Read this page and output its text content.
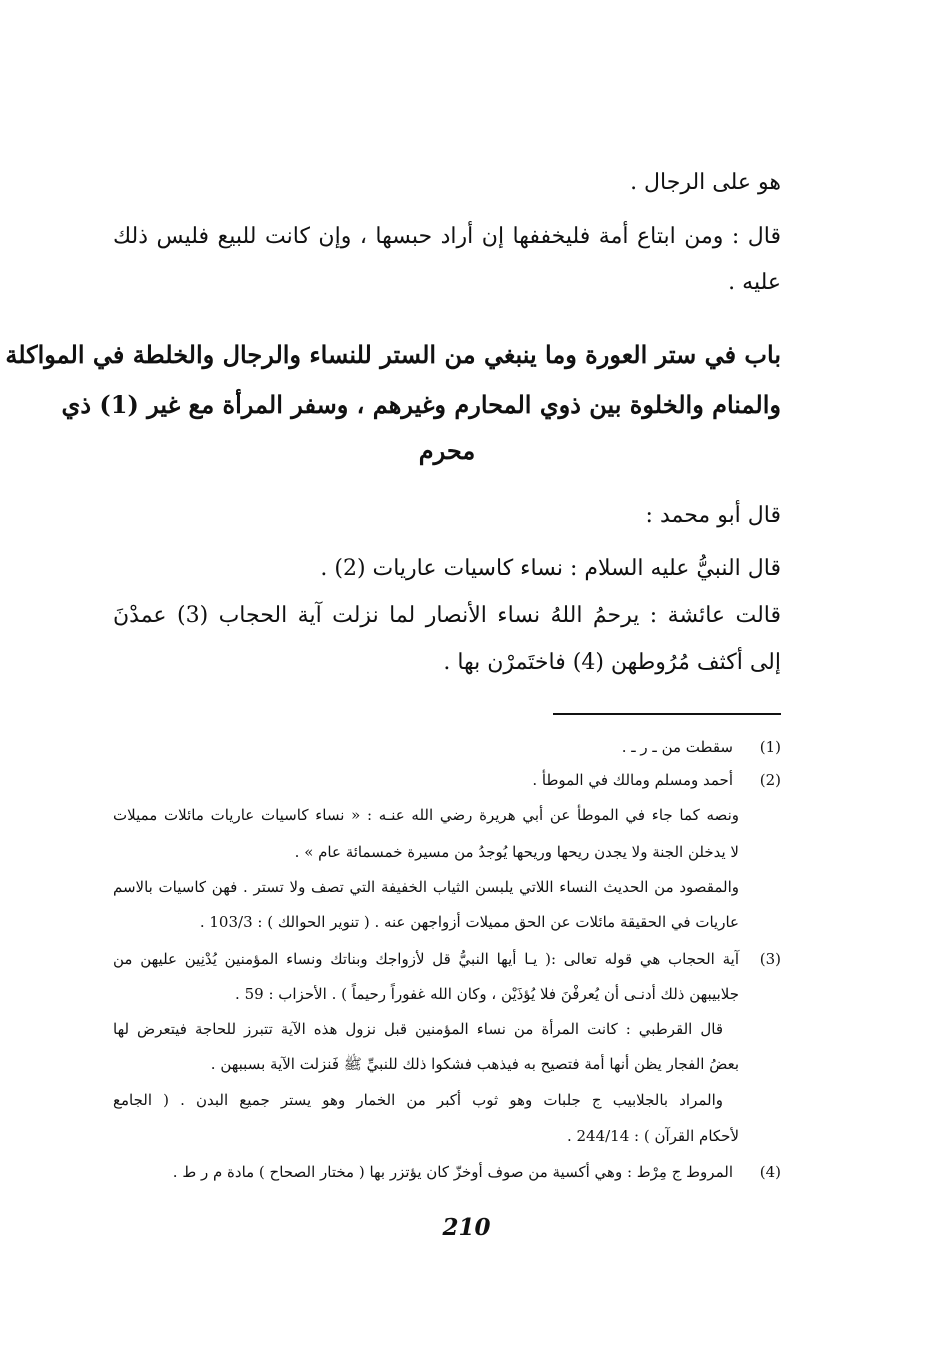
هو على الرجال .
قال : ومن ابتاع أمة فليخففها إن أراد حبسها ، وإن كانت للبيع فليس ذلك
عليه .
باب في ستر العورة وما ينبغي من الستر للنساء والرجال والخلطة في المواكلة
والمنام والخلوة بين ذوي المحارم وغيرهم ، وسفر المرأة مع غير (1) ذي
محرم
قال أبو محمد :
قال النبيُّ عليه السلام : نساء كاسيات عاريات (2) .
قالت عائشة : يرحمُ اللهُ نساء الأنصار لما نزلت آية الحجاب (3) عمدْنَ
إلى أكثف مُرُوطهن (4) فاختَمرْن بها .
(1)
سقطت من ـ ر ـ .
(2)
أحمد ومسلم ومالك في الموطأ .
ونصه كما جاء في الموطأ عن أبي هريرة رضي الله عنـه : « نساء كاسيات عاريات مائلات مميلات
لا يدخلن الجنة ولا يجدن ريحها وريحها يُوجدُ من مسيرة خمسمائة عام » .
والمقصود من الحديث النساء اللاتي يلبسن الثياب الخفيفة التي تصف ولا تستر . فهن كاسيات بالاسم
عاريات في الحقيقة مائلات عن الحق مميلات أزواجهن عنه . ( تنوير الحوالك ) : 103/3 .
(3)
آية الحجاب هي قوله تعالى :( يـا أيها النبيُّ قل لأزواجك وبناتك ونساء المؤمنين يُدْنِين عليهن من
جلابيبهن ذلك أدنـى أن يُعرفْنَ فلا يُؤذَيْن ، وكان الله غفوراً رحيماً ) . الأحزاب : 59 .
قال القرطبي : كانت المرأة من نساء المؤمنين قبل نزول هذه الآية تتبرز للحاجة فيتعرض لها
بعضُ الفجار يظن أنها أمة فتصيح به فيذهب فشكوا ذلك للنبيِّ ﷺ فَنزلت الآية بسببهن .
والمراد بالجلابيب ج جلبات وهو ثوب أكبر من الخمار وهو يستر جميع البدن . ( الجامع
لأحكام القرآن ) : 244/14 .
(4)
المروط ج مِرْط : وهي أكسية من صوف أوخزّ كان يؤتزر بها ( مختار الصحاح ) مادة م ر ط .
210
